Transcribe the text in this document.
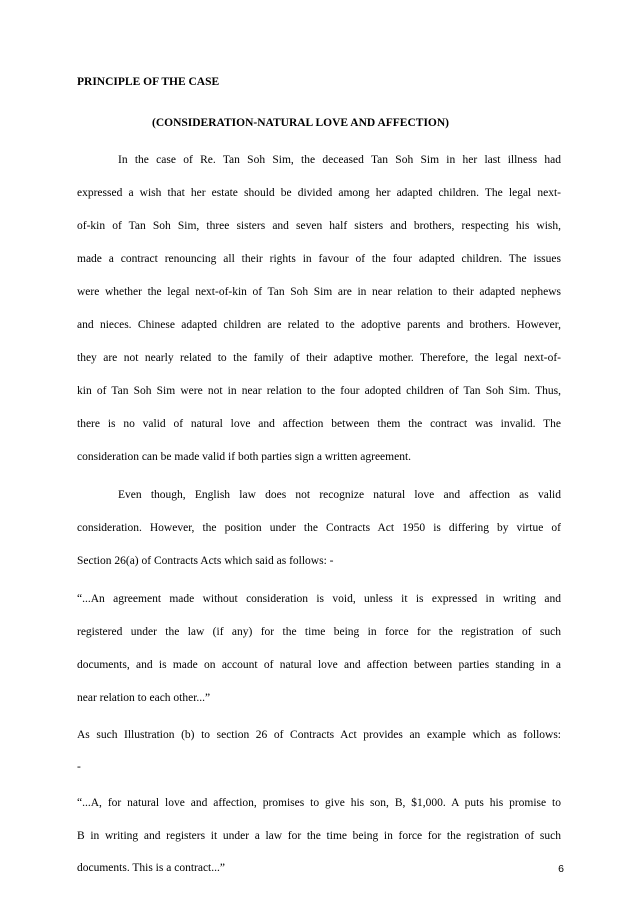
PRINCIPLE OF THE CASE
(CONSIDERATION-NATURAL LOVE AND AFFECTION)
In the case of Re. Tan Soh Sim, the deceased Tan Soh Sim in her last illness had
expressed a wish that her estate should be divided among her adapted children. The legal next-
of-kin of Tan Soh Sim, three sisters and seven half sisters and brothers, respecting his wish,
made a contract renouncing all their rights in favour of the four adapted children. The issues
were whether the legal next-of-kin of Tan Soh Sim are in near relation to their adapted nephews
and nieces. Chinese adapted children are related to the adoptive parents and brothers. However,
they are not nearly related to the family of their adaptive mother. Therefore, the legal next-of-
kin of Tan Soh Sim were not in near relation to the four adopted children of Tan Soh Sim. Thus,
there is no valid of natural love and affection between them the contract was invalid. The
consideration can be made valid if both parties sign a written agreement.
Even though, English law does not recognize natural love and affection as valid
consideration. However, the position under the Contracts Act 1950 is differing by virtue of
Section 26(a) of Contracts Acts which said as follows: -
“...An agreement made without consideration is void, unless it is expressed in writing and
registered under the law (if any) for the time being in force for the registration of such
documents, and is made on account of natural love and affection between parties standing in a
near relation to each other...”
As such Illustration (b) to section 26 of Contracts Act provides an example which as follows:
-
“...A, for natural love and affection, promises to give his son, B, $1,000. A puts his promise to
B in writing and registers it under a law for the time being in force for the registration of such
documents. This is a contract...”	6
